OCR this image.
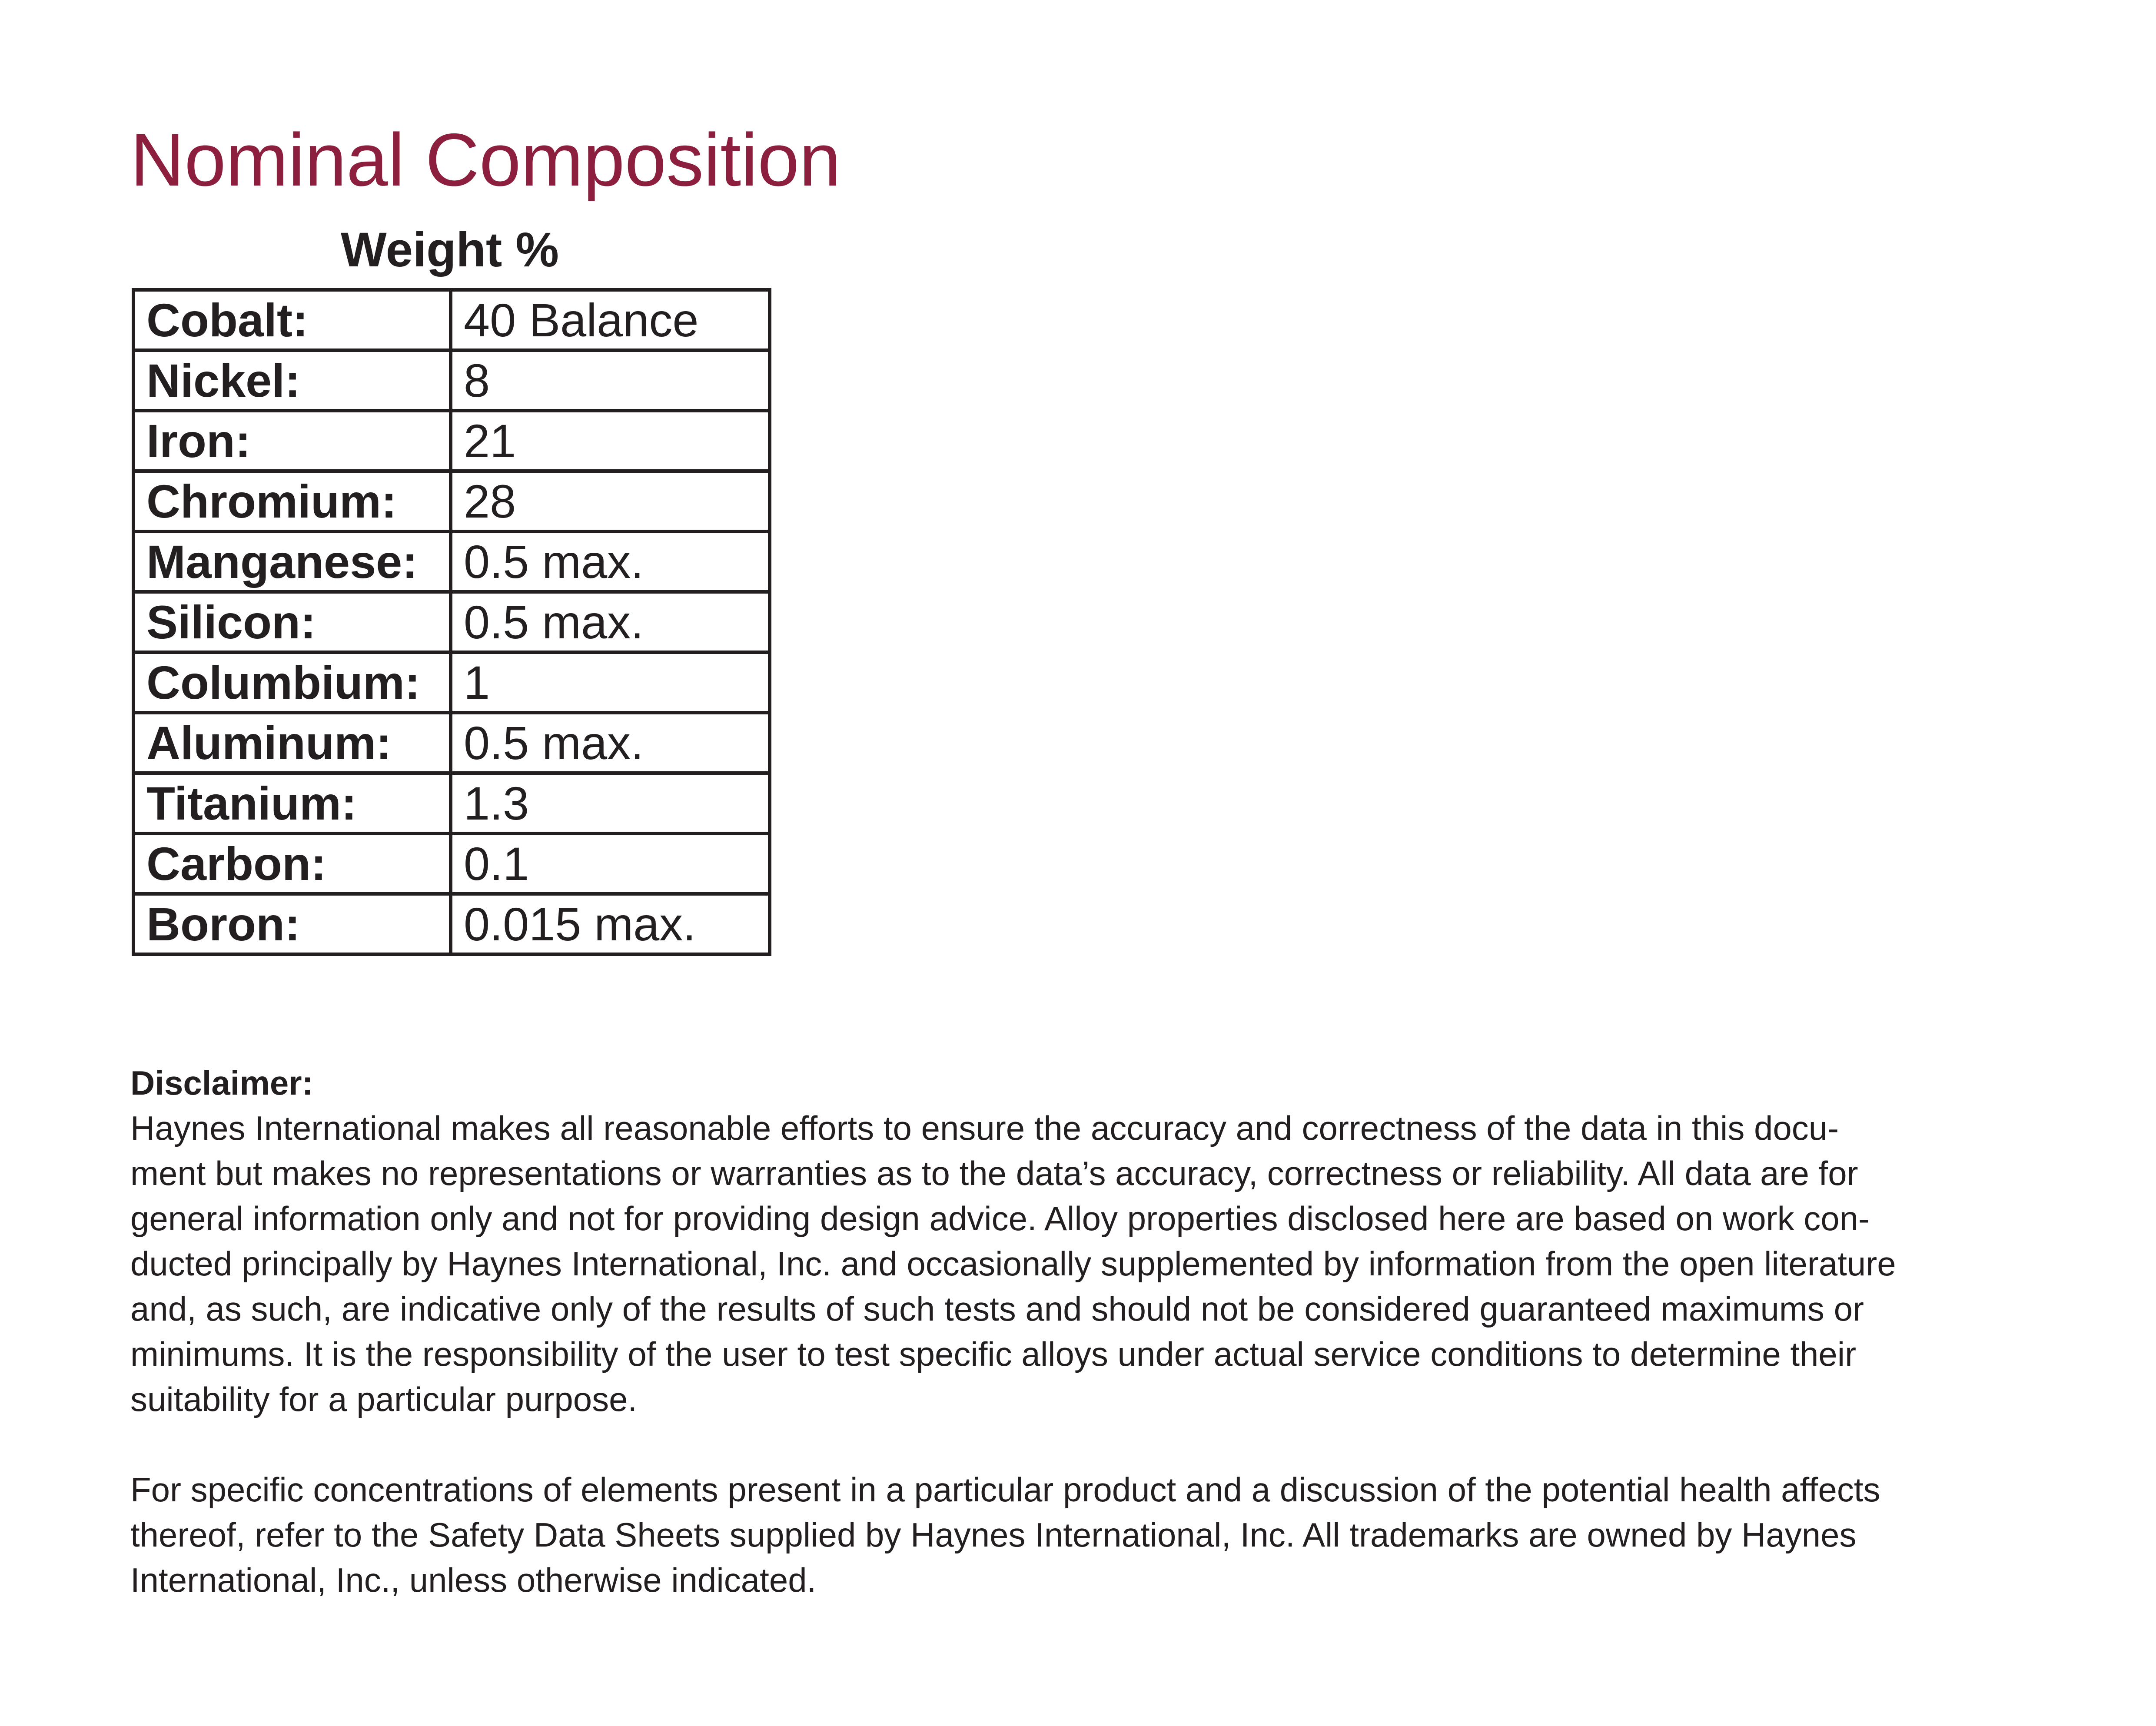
Nominal Composition
Weight %
Cobalt:	40 Balance
Nickel:	8
Iron:	21
Chromium:	28
Manganese:	0.5 max.
Silicon:	0.5 max.
Columbium:	1
Aluminum:	0.5 max.
Titanium:	1.3
Carbon:	0.1
Boron:	0.015 max.

Disclaimer:

Haynes International makes all reasonable efforts to ensure the accuracy and correctness of the data in this docu-

ment but makes no representations or warranties as to the data’s accuracy, correctness or reliability. All data are for

general information only and not for providing design advice. Alloy properties disclosed here are based on work con-

ducted principally by Haynes International, Inc. and occasionally supplemented by information from the open literature

and, as such, are indicative only of the results of such tests and should not be considered guaranteed maximums or

minimums. It is the responsibility of the user to test specific alloys under actual service conditions to determine their

suitability for a particular purpose.

For specific concentrations of elements present in a particular product and a discussion of the potential health affects

thereof, refer to the Safety Data Sheets supplied by Haynes International, Inc. All trademarks are owned by Haynes

International, Inc., unless otherwise indicated.
